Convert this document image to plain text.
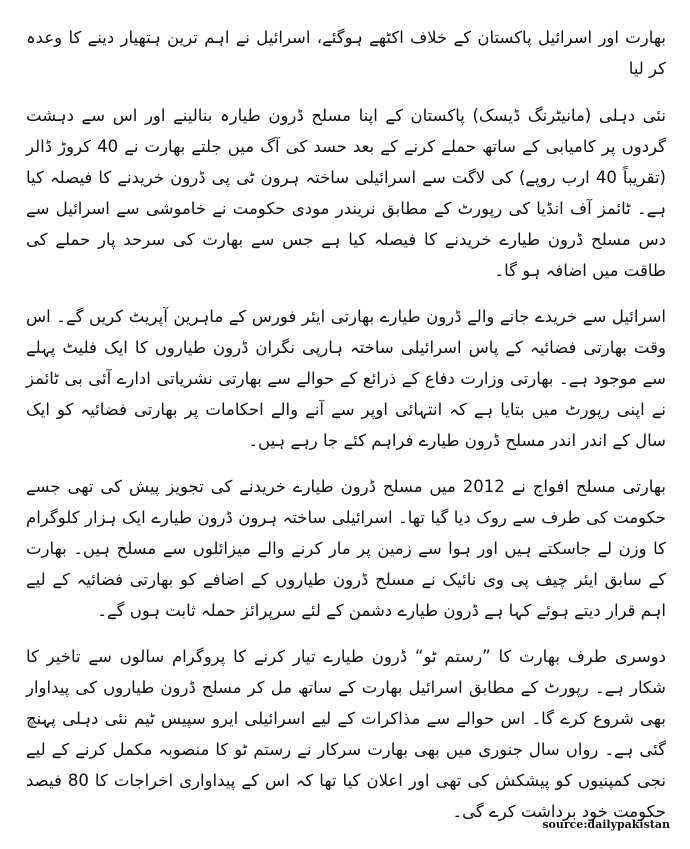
بھارت اور اسرائیل پاکستان کے خلاف اکٹھے ہوگئے، اسرائیل نے اہم ترین ہتھیار دینے کا وعدہ کر لیا

نئی دہلی (مانیٹرنگ ڈیسک) پاکستان کے اپنا مسلح ڈرون طیارہ بنالینے اور اس سے دہشت گردوں پر کامیابی کے ساتھ حملے کرنے کے بعد حسد کی آگ میں جلتے بھارت نے 40 کروڑ ڈالر (تقریباً 40 ارب روپے) کی لاگت سے اسرائیلی ساختہ ہرون ٹی پی ڈرون خریدنے کا فیصلہ کیا ہے۔ ٹائمز آف انڈیا کی رپورٹ کے مطابق نریندر مودی حکومت نے خاموشی سے اسرائیل سے دس مسلح ڈرون طیارے خریدنے کا فیصلہ کیا ہے جس سے بھارت کی سرحد پار حملے کی طاقت میں اضافہ ہو گا۔

اسرائیل سے خریدے جانے والے ڈرون طیارے بھارتی ایئر فورس کے ماہرین آپریٹ کریں گے۔ اس وقت بھارتی فضائیہ کے پاس اسرائیلی ساختہ ہارپی نگران ڈرون طیاروں کا ایک فلیٹ پہلے سے موجود ہے۔ بھارتی وزارت دفاع کے ذرائع کے حوالے سے بھارتی نشریاتی ادارے آئی بی ٹائمز نے اپنی رپورٹ میں بتایا ہے کہ انتہائی اوپر سے آنے والے احکامات پر بھارتی فضائیہ کو ایک سال کے اندر اندر مسلح ڈرون طیارے فراہم کئے جا رہے ہیں۔

بھارتی مسلح افواج نے 2012 میں مسلح ڈرون طیارے خریدنے کی تجویز پیش کی تھی جسے حکومت کی طرف سے روک دیا گیا تھا۔ اسرائیلی ساختہ ہرون ڈرون طیارے ایک ہزار کلوگرام کا وزن لے جاسکتے ہیں اور ہوا سے زمین پر مار کرنے والے میزائلوں سے مسلح ہیں۔ بھارت کے سابق ایئر چیف پی وی نائیک نے مسلح ڈرون طیاروں کے اضافے کو بھارتی فضائیہ کے لیے اہم قرار دیتے ہوئے کہا ہے ڈرون طیارے دشمن کے لئے سرپرائز حملہ ثابت ہوں گے۔

دوسری طرف بھارت کا ”رستم ٹو“ ڈرون طیارے تیار کرنے کا پروگرام سالوں سے تاخیر کا شکار ہے۔ رپورٹ کے مطابق اسرائیل بھارت کے ساتھ مل کر مسلح ڈرون طیاروں کی پیداوار بھی شروع کرے گا۔ اس حوالے سے مذاکرات کے لیے اسرائیلی ایرو سپیس ٹیم نئی دہلی پہنچ گئی ہے۔ رواں سال جنوری میں بھی بھارت سرکار نے رستم ٹو کا منصوبہ مکمل کرنے کے لیے نجی کمپنیوں کو پیشکش کی تھی اور اعلان کیا تھا کہ اس کے پیداواری اخراجات کا 80 فیصد حکومت خود برداشت کرے گی۔

source:dailypakistan
